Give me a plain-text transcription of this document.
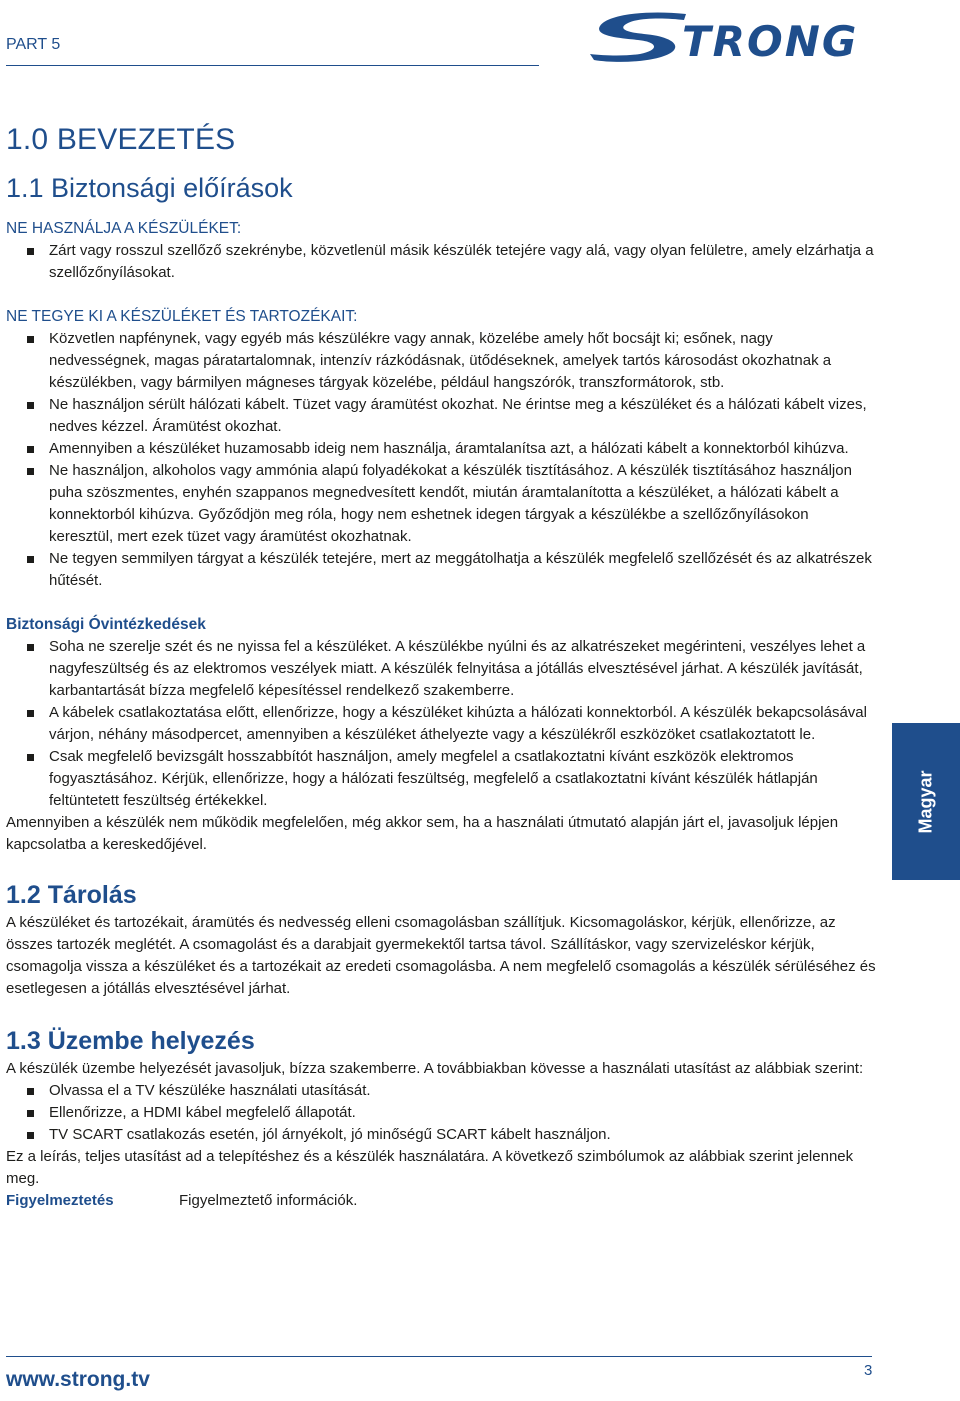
PART 5	TRONG
1.0 BEVEZETÉS
1.1 Biztonsági előírások

NE HASZNÁLJA A KÉSZÜLÉKET:

Zárt vagy rosszul szellőző szekrénybe, közvetlenül másik készülék tetejére vagy alá, vagy olyan felületre, amely elzárhatja a szellőzőnyílásokat.

NE TEGYE KI A KÉSZÜLÉKET ÉS TARTOZÉKAIT:

Közvetlen napfénynek, vagy egyéb más készülékre vagy annak, közelébe amely hőt bocsájt ki; esőnek, nagy nedvességnek, magas páratartalomnak, intenzív rázkódásnak, ütődéseknek, amelyek tartós károsodást okozhatnak a készülékben, vagy bármilyen mágneses tárgyak közelébe, például hangszórók, transzformátorok, stb.
Ne használjon sérült hálózati kábelt. Tüzet vagy áramütést okozhat. Ne érintse meg a készüléket és a hálózati kábelt vizes, nedves kézzel. Áramütést okozhat.
Amennyiben a készüléket huzamosabb ideig nem használja, áramtalanítsa azt, a hálózati kábelt a konnektorból kihúzva.
Ne használjon, alkoholos vagy ammónia alapú folyadékokat a készülék tisztításához. A készülék tisztításához használjon puha szöszmentes, enyhén szappanos megnedvesített kendőt, miután áramtalanította a készüléket, a hálózati kábelt a konnektorból kihúzva. Győződjön meg róla, hogy nem eshetnek idegen tárgyak a készülékbe a szellőzőnyílásokon keresztül, mert ezek tüzet vagy áramütést okozhatnak.
Ne tegyen semmilyen tárgyat a készülék tetejére, mert az meggátolhatja a készülék megfelelő szellőzését és az alkatrészek hűtését.

Biztonsági Óvintézkedések

Soha ne szerelje szét és ne nyissa fel a készüléket. A készülékbe nyúlni és az alkatrészeket megérinteni, veszélyes lehet a nagyfeszültség és az elektromos veszélyek miatt. A készülék felnyitása a jótállás elvesztésével járhat. A készülék javítását, karbantartását bízza megfelelő képesítéssel rendelkező szakemberre.
A kábelek csatlakoztatása előtt, ellenőrizze, hogy a készüléket kihúzta a hálózati konnektorból. A készülék bekapcsolásával várjon, néhány másodpercet, amennyiben a készüléket áthelyezte vagy a készülékről eszközöket csatlakoztatott le.
Csak megfelelő bevizsgált hosszabbítót használjon, amely megfelel a csatlakoztatni kívánt eszközök elektromos fogyasztásához. Kérjük, ellenőrizze, hogy a hálózati feszültség, megfelelő a csatlakoztatni kívánt készülék hátlapján feltüntetett feszültség értékekkel.

Amennyiben a készülék nem működik megfelelően, még akkor sem, ha a használati útmutató alapján járt el, javasoljuk lépjen kapcsolatba a kereskedőjével.

1.2 Tárolás

A készüléket és tartozékait, áramütés és nedvesség elleni csomagolásban szállítjuk. Kicsomagoláskor, kérjük, ellenőrizze, az összes tartozék meglétét. A csomagolást és a darabjait gyermekektől tartsa távol. Szállításkor, vagy szervizeléskor kérjük, csomagolja vissza a készüléket és a tartozékait az eredeti csomagolásba. A nem megfelelő csomagolás a készülék sérüléséhez és esetlegesen a jótállás elvesztésével járhat.

1.3 Üzembe helyezés

A készülék üzembe helyezését javasoljuk, bízza szakemberre. A továbbiakban kövesse a használati utasítást az alábbiak szerint:

Olvassa el a TV készüléke használati utasítását.
Ellenőrizze, a HDMI kábel megfelelő állapotát.
TV SCART csatlakozás esetén, jól árnyékolt, jó minőségű SCART kábelt használjon.

Ez a leírás, teljes utasítást ad a telepítéshez és a készülék használatára. A következő szimbólumok az alábbiak szerint jelennek meg.

Figyelmeztetés	Figyelmeztető információk.
Magyar
www.strong.tv	3
